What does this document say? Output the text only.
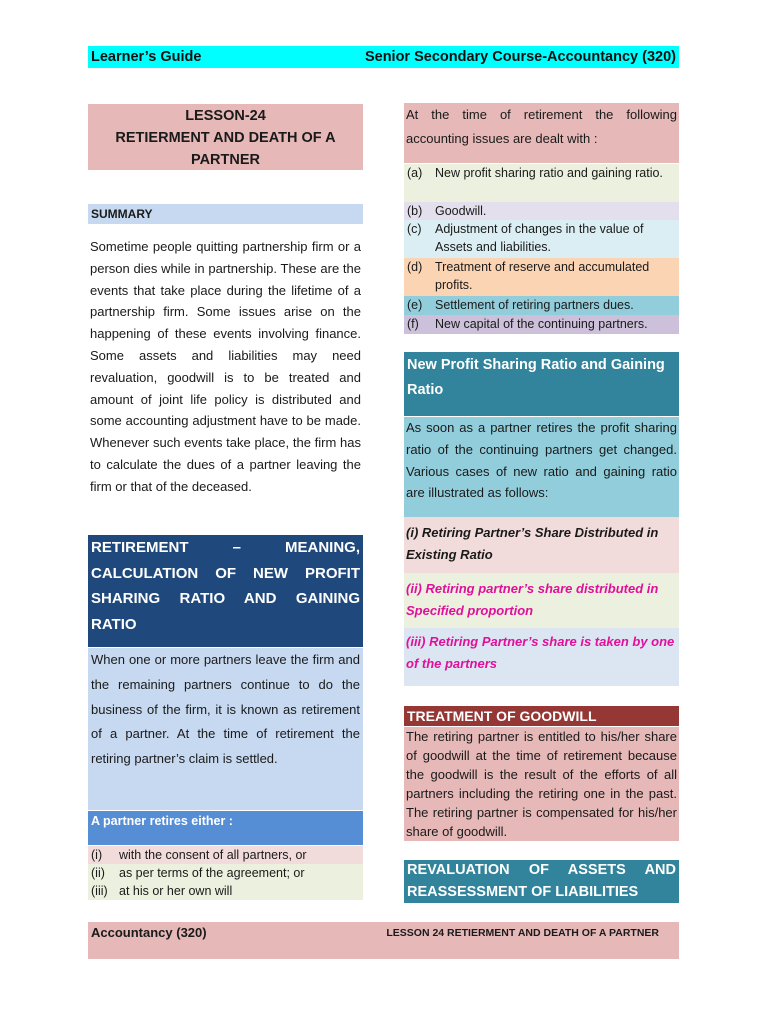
Learner’s Guide	Senior Secondary Course-Accountancy (320)
LESSON-24
RETIERMENT AND DEATH OF A
PARTNER
SUMMARY
Sometime people quitting partnership firm or a person dies while in partnership. These are the events that take place during the lifetime of a partnership firm. Some issues arise on the happening of these events involving finance. Some assets and liabilities may need revaluation, goodwill is to be treated and amount of joint life policy is distributed and some accounting adjustment have to be made. Whenever such events take place, the firm has to calculate the dues of a partner leaving the firm or that of the deceased.
RETIREMENT – MEANING,
CALCULATION OF NEW PROFIT
SHARING RATIO AND GAINING
RATIO
When one or more partners leave the firm and the remaining partners continue to do the business of the firm, it is known as retirement of a partner. At the time of retirement the retiring partner’s claim is settled.
A partner retires either :
(i) with the consent of all partners, or
(ii) as per terms of the agreement; or
(iii) at his or her own will
At the time of retirement the following accounting issues are dealt with :
(a) New profit sharing ratio and gaining ratio.
(b) Goodwill.
(c) Adjustment of changes in the value of Assets and liabilities.
(d) Treatment of reserve and accumulated profits.
(e) Settlement of retiring partners dues.
(f) New capital of the continuing partners.
New Profit Sharing Ratio and Gaining Ratio
As soon as a partner retires the profit sharing ratio of the continuing partners get changed. Various cases of new ratio and gaining ratio are illustrated as follows:
(i) Retiring Partner’s Share Distributed in Existing Ratio
(ii) Retiring partner’s share distributed in Specified proportion
(iii) Retiring Partner’s share is taken by one of the partners
TREATMENT OF GOODWILL
The retiring partner is entitled to his/her share of goodwill at the time of retirement because the goodwill is the result of the efforts of all partners including the retiring one in the past. The retiring partner is compensated for his/her share of goodwill.
REVALUATION OF ASSETS AND
REASSESSMENT OF LIABILITIES
Accountancy (320)	LESSON 24 RETIERMENT AND DEATH OF A PARTNER
